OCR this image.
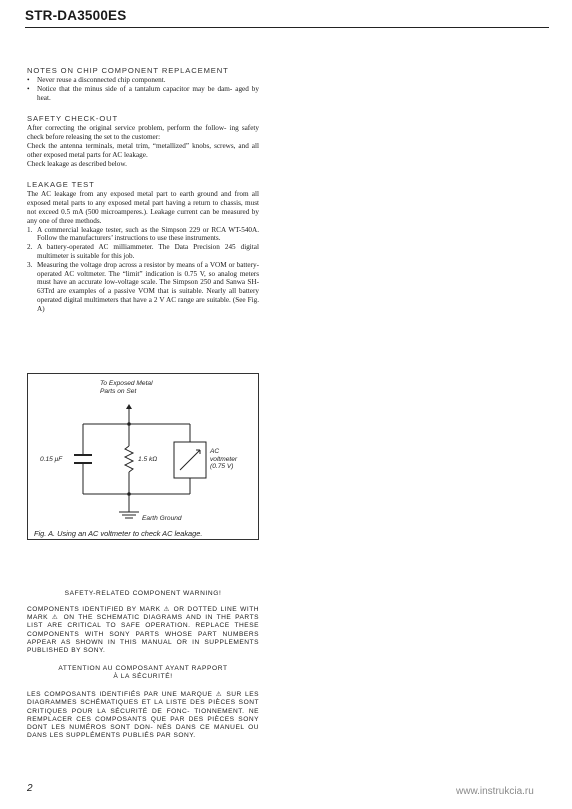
STR-DA3500ES
NOTES ON CHIP COMPONENT REPLACEMENT
•	Never reuse a disconnected chip component.
•	Notice that the minus side of a tantalum capacitor may be dam- aged by heat.
SAFETY CHECK-OUT

After correcting the original service problem, perform the follow- ing safety check before releasing the set to the customer:

Check the antenna terminals, metal trim, “metallized” knobs, screws, and all other exposed metal parts for AC leakage.

Check leakage as described below.

LEAKAGE TEST

The AC leakage from any exposed metal part to earth ground and from all exposed metal parts to any exposed metal part having a return to chassis, must not exceed 0.5 mA (500 microamperes.). Leakage current can be measured by any one of three methods.

1. A commercial leakage tester, such as the Simpson 229 or RCA WT-540A. Follow the manufacturers’ instructions to use these instruments.
2. A battery-operated AC milliammeter. The Data Precision 245 digital multimeter is suitable for this job.
3. Measuring the voltage drop across a resistor by means of a VOM or battery-operated AC voltmeter. The “limit” indication is 0.75 V, so analog meters must have an accurate low-voltage scale. The Simpson 250 and Sanwa SH-63Trd are examples of a passive VOM that is suitable. Nearly all battery operated digital multimeters that have a 2 V AC range are suitable. (See Fig. A)
To Exposed Metal
Parts on Set
0.15 μF	1.5 kΩ
AC
voltmeter
(0.75 V)
Earth Ground
Fig. A. Using an AC voltmeter to check AC leakage.

SAFETY-RELATED COMPONENT WARNING!

COMPONENTS IDENTIFIED BY MARK ⚠ OR DOTTED LINE WITH MARK ⚠ ON THE SCHEMATIC DIAGRAMS AND IN THE PARTS LIST ARE CRITICAL TO SAFE OPERATION. REPLACE THESE COMPONENTS WITH SONY PARTS WHOSE PART NUMBERS APPEAR AS SHOWN IN THIS MANUAL OR IN SUPPLEMENTS PUBLISHED BY SONY.

ATTENTION AU COMPOSANT AYANT RAPPORT

À LA SÉCURITÉ!

LES COMPOSANTS IDENTIFIÉS PAR UNE MARQUE ⚠ SUR LES DIAGRAMMES SCHÉMATIQUES ET LA LISTE DES PIÈCES SONT CRITIQUES POUR LA SÉCURITÉ DE FONC- TIONNEMENT. NE REMPLACER CES COMPOSANTS QUE PAR DES PIÈCES SONY DONT LES NUMÉROS SONT DON- NÉS DANS CE MANUEL OU DANS LES SUPPLÉMENTS PUBLIÉS PAR SONY.

2	www.instrukcia.ru
